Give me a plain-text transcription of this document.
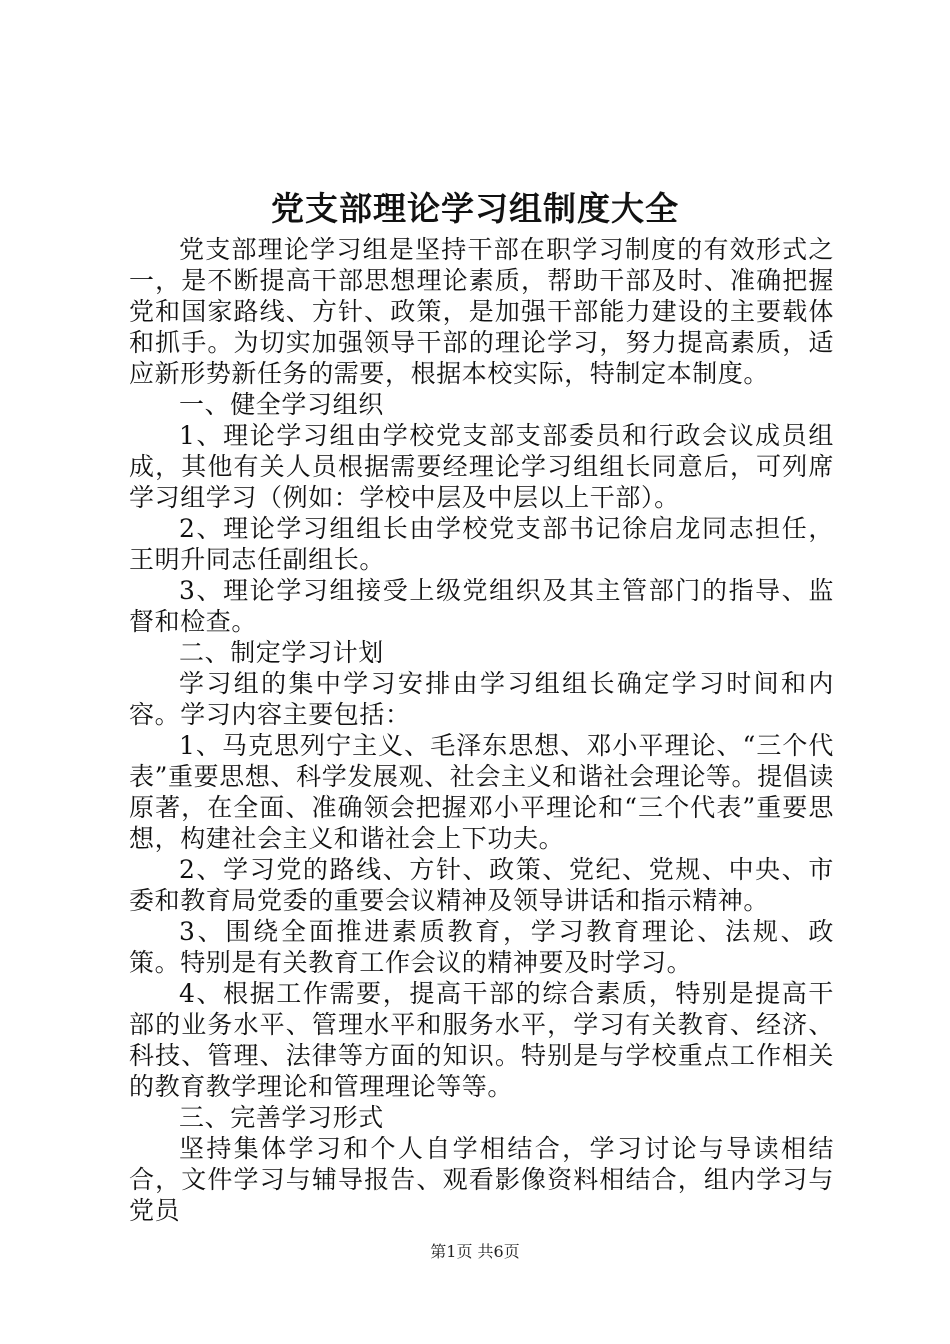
党支部理论学习组制度大全

党支部理论学习组是坚持干部在职学习制度的有效形式之一，是不断提高干部思想理论素质，帮助干部及时、准确把握党和国家路线、方针、政策，是加强干部能力建设的主要载体和抓手。为切实加强领导干部的理论学习，努力提高素质，适应新形势新任务的需要，根据本校实际，特制定本制度。

一、健全学习组织

1、理论学习组由学校党支部支部委员和行政会议成员组成，其他有关人员根据需要经理论学习组组长同意后，可列席学习组学习（例如：学校中层及中层以上干部）。

2、理论学习组组长由学校党支部书记徐启龙同志担任，王明升同志任副组长。

3、理论学习组接受上级党组织及其主管部门的指导、监督和检查。

二、制定学习计划

学习组的集中学习安排由学习组组长确定学习时间和内容。学习内容主要包括：

1、马克思列宁主义、毛泽东思想、邓小平理论、“三个代表”重要思想、科学发展观、社会主义和谐社会理论等。提倡读原著，在全面、准确领会把握邓小平理论和“三个代表”重要思想，构建社会主义和谐社会上下功夫。

2、学习党的路线、方针、政策、党纪、党规、中央、市委和教育局党委的重要会议精神及领导讲话和指示精神。

3、围绕全面推进素质教育，学习教育理论、法规、政策。特别是有关教育工作会议的精神要及时学习。

4、根据工作需要，提高干部的综合素质，特别是提高干部的业务水平、管理水平和服务水平，学习有关教育、经济、科技、管理、法律等方面的知识。特别是与学校重点工作相关的教育教学理论和管理理论等等。

三、完善学习形式

坚持集体学习和个人自学相结合，学习讨论与导读相结合，文件学习与辅导报告、观看影像资料相结合，组内学习与党员

第1页 共6页
